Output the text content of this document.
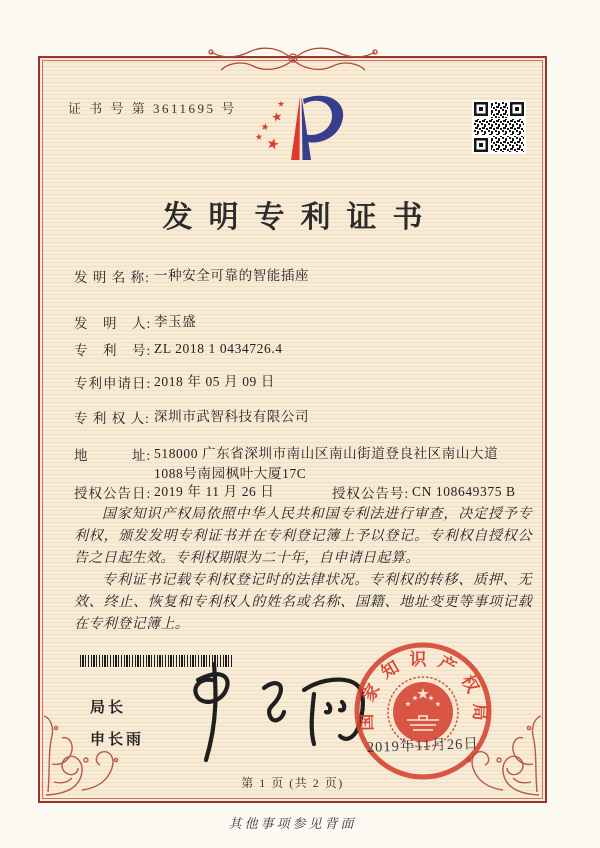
证 书 号 第 3611695 号
发明专利证书
发 明 名 称: 一种安全可靠的智能插座
发　明　人: 李玉盛
专　利　号: ZL 2018 1 0434726.4
专利申请日: 2018 年 05 月 09 日
专 利 权 人: 深圳市武智科技有限公司
地　　　址: 518000 广东省深圳市南山区南山街道登良社区南山大道1088号南园枫叶大厦17C
授权公告日: 2019 年 11 月 26 日	授权公告号: CN 108649375 B

国家知识产权局依照中华人民共和国专利法进行审查，决定授予专利权，颁发发明专利证书并在专利登记簿上予以登记。专利权自授权公告之日起生效。专利权期限为二十年，自申请日起算。

专利证书记载专利权登记时的法律状况。专利权的转移、质押、无效、终止、恢复和专利权人的姓名或名称、国籍、地址变更等事项记载在专利登记簿上。

局长
申长雨
国家知识产权局
2019年11月26日
第 1 页 (共 2 页)
其他事项参见背面
